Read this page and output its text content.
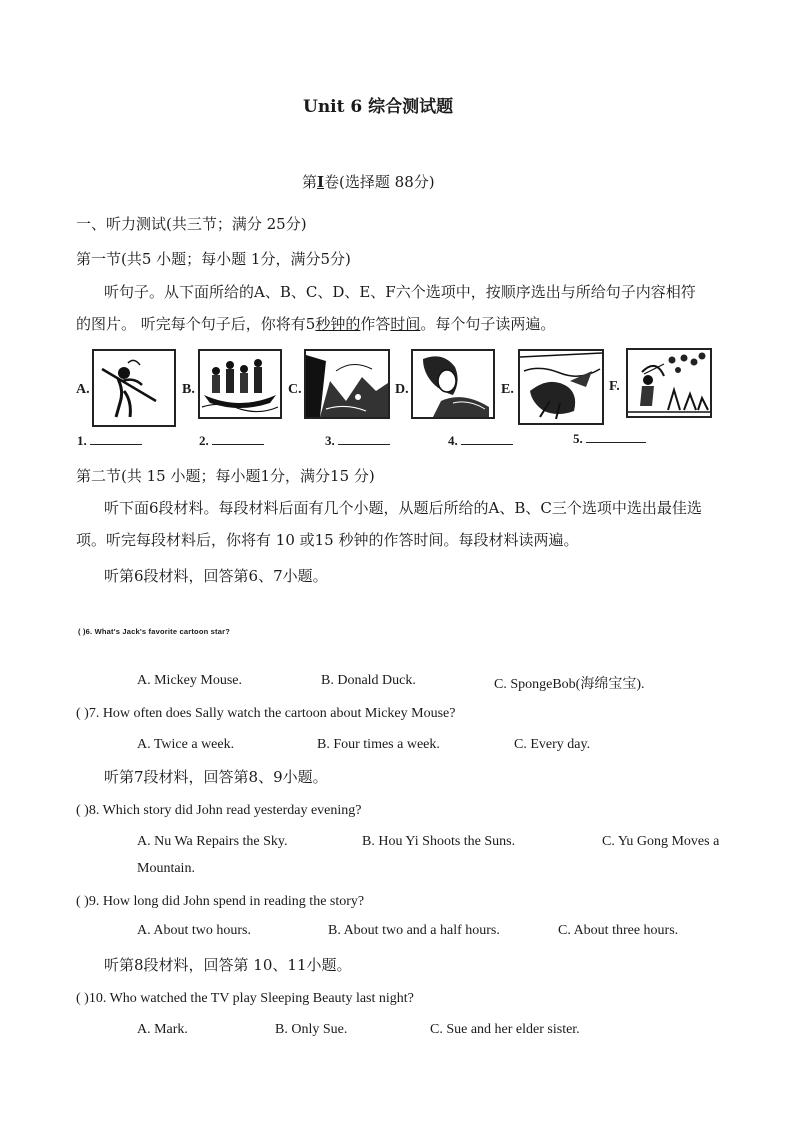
Unit 6 综合测试题
第I卷(选择题 88分)
一、听力测试(共三节；满分 25分)
第一节(共5 小题；每小题 1分，满分5分)
听句子。从下面所给的A、B、C、D、E、F六个选项中，按顺序选出与所给句子内容相符
的图片。 听完每个句子后，你将有5秒钟的作答时间。每个句子读两遍。
A.	B.	C.	D.	E.	F.
1.	2.	3.	4.	5.
第二节(共 15 小题；每小题1分，满分15 分)
听下面6段材料。每段材料后面有几个小题，从题后所给的A、B、C三个选项中选出最佳选
项。听完每段材料后，你将有 10 或15 秒钟的作答时间。每段材料读两遍。
听第6段材料，回答第6、7小题。
( )6. What's Jack's favorite cartoon star?
A. Mickey Mouse.	B. Donald Duck.	C. SpongeBob(海绵宝宝).
( )7. How often does Sally watch the cartoon about Mickey Mouse?
A. Twice a week.	B. Four times a week.	C. Every day.
听第7段材料，回答第8、9小题。
( )8. Which story did John read yesterday evening?
A. Nu Wa Repairs the Sky.	B. Hou Yi Shoots the Suns.	C. Yu Gong Moves a
Mountain.
( )9. How long did John spend in reading the story?
A. About two hours.	B. About two and a half hours.	C. About three hours.
听第8段材料，回答第 10、11小题。
( )10. Who watched the TV play Sleeping Beauty last night?
A. Mark.	B. Only Sue.	C. Sue and her elder sister.
